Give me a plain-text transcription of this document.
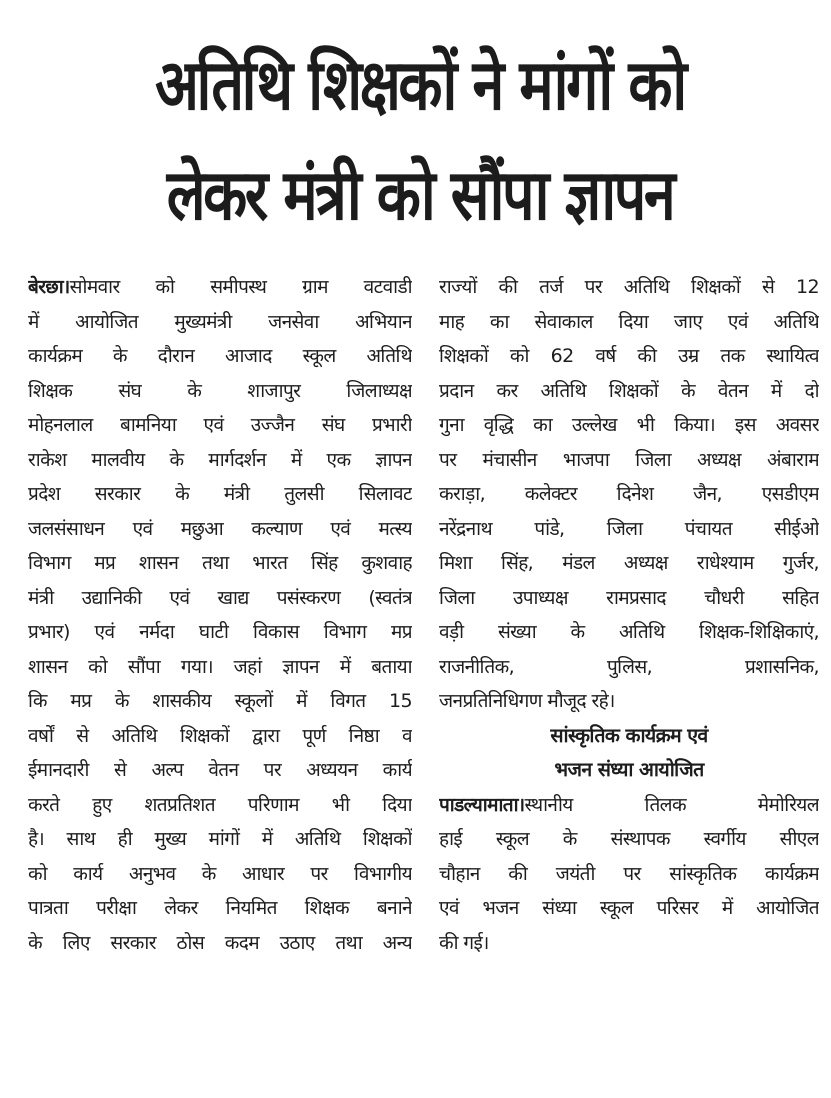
अतिथि शिक्षकों ने मांगों को
लेकर मंत्री को सौंपा ज्ञापन
बेरछा।सोमवार को समीपस्थ ग्राम वटवाडी
में आयोजित मुख्यमंत्री जनसेवा अभियान
कार्यक्रम के दौरान आजाद स्कूल अतिथि
शिक्षक संघ के शाजापुर जिलाध्यक्ष
मोहनलाल बामनिया एवं उज्जैन संघ प्रभारी
राकेश मालवीय के मार्गदर्शन में एक ज्ञापन
प्रदेश सरकार के मंत्री तुलसी सिलावट
जलसंसाधन एवं मछुआ कल्याण एवं मत्स्य
विभाग मप्र शासन तथा भारत सिंह कुशवाह
मंत्री उद्यानिकी एवं खाद्य पसंस्करण (स्वतंत्र
प्रभार) एवं नर्मदा घाटी विकास विभाग मप्र
शासन को सौंपा गया। जहां ज्ञापन में बताया
कि मप्र के शासकीय स्कूलों में विगत 15
वर्षों से अतिथि शिक्षकों द्वारा पूर्ण निष्ठा व
ईमानदारी से अल्प वेतन पर अध्ययन कार्य
करते हुए शतप्रतिशत परिणाम भी दिया
है। साथ ही मुख्य मांगों में अतिथि शिक्षकों
को कार्य अनुभव के आधार पर विभागीय
पात्रता परीक्षा लेकर नियमित शिक्षक बनाने
के लिए सरकार ठोस कदम उठाए तथा अन्य
राज्यों की तर्ज पर अतिथि शिक्षकों से 12
माह का सेवाकाल दिया जाए एवं अतिथि
शिक्षकों को 62 वर्ष की उम्र तक स्थायित्व
प्रदान कर अतिथि शिक्षकों के वेतन में दो
गुना वृद्धि का उल्लेख भी किया। इस अवसर
पर मंचासीन भाजपा जिला अध्यक्ष अंबाराम
कराड़ा, कलेक्टर दिनेश जैन, एसडीएम
नरेंद्रनाथ पांडे, जिला पंचायत सीईओ
मिशा सिंह, मंडल अध्यक्ष राधेश्याम गुर्जर,
जिला उपाध्यक्ष रामप्रसाद चौधरी सहित
वड़ी संख्या के अतिथि शिक्षक-शिक्षिकाएं,
राजनीतिक, पुलिस, प्रशासनिक,
जनप्रतिनिधिगण मौजूद रहे।
सांस्कृतिक कार्यक्रम एवं
भजन संध्या आयोजित
पाडल्यामाता।स्थानीय तिलक मेमोरियल
हाई स्कूल के संस्थापक स्वर्गीय सीएल
चौहान की जयंती पर सांस्कृतिक कार्यक्रम
एवं भजन संध्या स्कूल परिसर में आयोजित
की गई।
